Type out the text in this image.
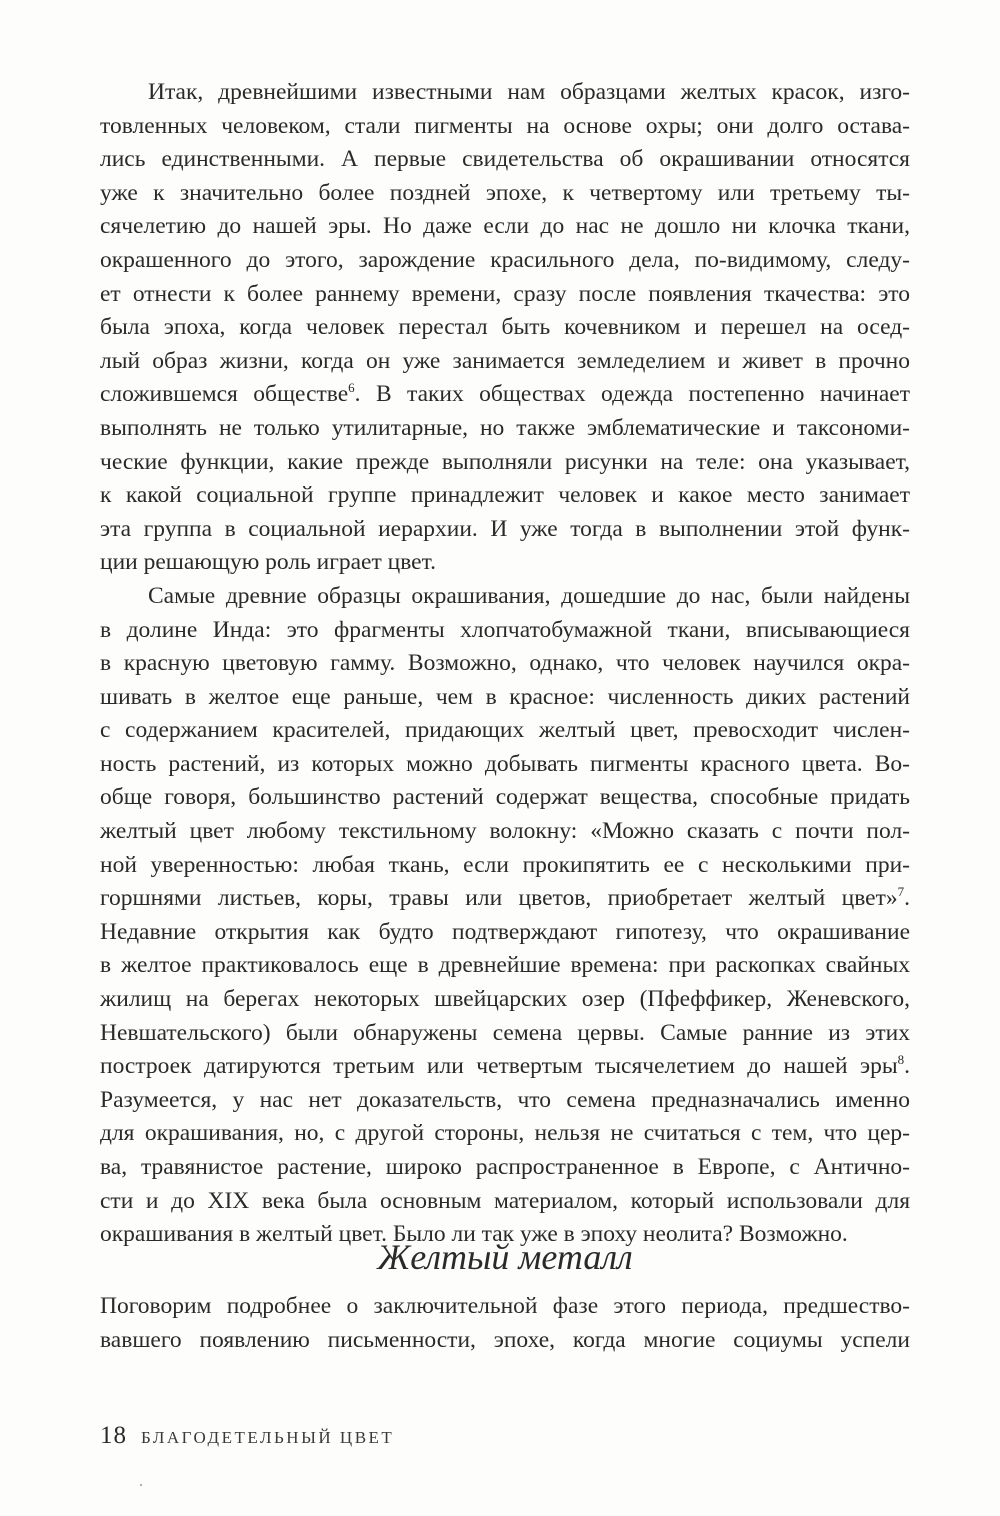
Итак, древнейшими известными нам образцами желтых красок, изго-
товленных человеком, стали пигменты на основе охры; они долго остава-
лись единственными. А первые свидетельства об окрашивании относятся
уже к значительно более поздней эпохе, к четвертому или третьему ты-
сячелетию до нашей эры. Но даже если до нас не дошло ни клочка ткани,
окрашенного до этого, зарождение красильного дела, по-видимому, следу-
ет отнести к более раннему времени, сразу после появления ткачества: это
была эпоха, когда человек перестал быть кочевником и перешел на осед-
лый образ жизни, когда он уже занимается земледелием и живет в прочно
сложившемся обществе$^6$. В таких обществах одежда постепенно начинает
выполнять не только утилитарные, но также эмблематические и таксономи-
ческие функции, какие прежде выполняли рисунки на теле: она указывает,
к какой социальной группе принадлежит человек и какое место занимает
эта группа в социальной иерархии. И уже тогда в выполнении этой функ-
ции решающую роль играет цвет.

Самые древние образцы окрашивания, дошедшие до нас, были найдены
в долине Инда: это фрагменты хлопчатобумажной ткани, вписывающиеся
в красную цветовую гамму. Возможно, однако, что человек научился окра-
шивать в желтое еще раньше, чем в красное: численность диких растений
с содержанием красителей, придающих желтый цвет, превосходит числен-
ность растений, из которых можно добывать пигменты красного цвета. Во-
обще говоря, большинство растений содержат вещества, способные придать
желтый цвет любому текстильному волокну: «Можно сказать с почти пол-
ной уверенностью: любая ткань, если прокипятить ее с несколькими при-
горшнями листьев, коры, травы или цветов, приобретает желтый цвет»$^7$.
Недавние открытия как будто подтверждают гипотезу, что окрашивание
в желтое практиковалось еще в древнейшие времена: при раскопках свайных
жилищ на берегах некоторых швейцарских озер (Пфеффикер, Женевского,
Невшательского) были обнаружены семена цервы. Самые ранние из этих
построек датируются третьим или четвертым тысячелетием до нашей эры$^8$.
Разумеется, у нас нет доказательств, что семена предназначались именно
для окрашивания, но, с другой стороны, нельзя не считаться с тем, что цер-
ва, травянистое растение, широко распространенное в Европе, с Антично-
сти и до XIX века была основным материалом, который использовали для
окрашивания в желтый цвет. Было ли так уже в эпоху неолита? Возможно.

Желтый металл

Поговорим подробнее о заключительной фазе этого периода, предшество-
вавшего появлению письменности, эпохе, когда многие социумы успели

18 БЛАГОДЕТЕЛЬНЫЙ ЦВЕТ
